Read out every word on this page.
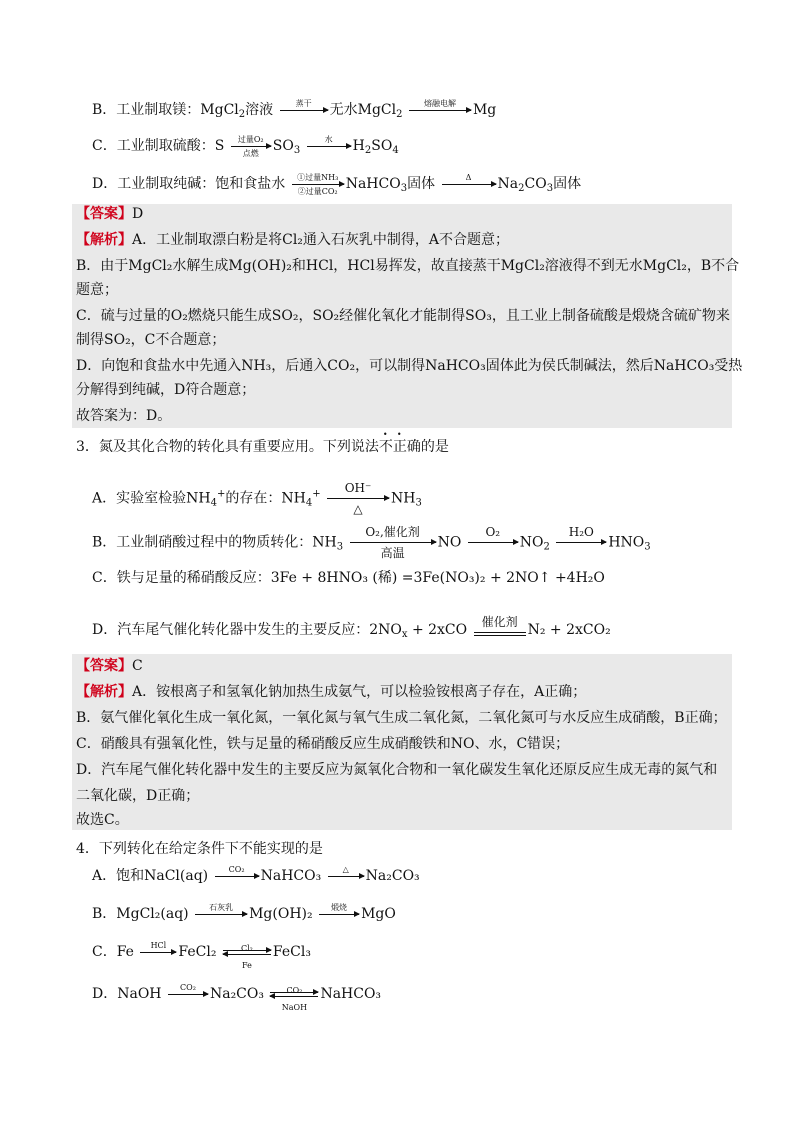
B．工业制取镁：MgCl$_2$溶液	蒸干	无水MgCl$_2$
熔融电解	Mg
C．工业制取硫酸：S	过量O₂
点燃	$SO_3$
水	$H_2SO_4$
D．工业制取纯碱：饱和食盐水	①过量NH₃
②过量CO₂ NaHCO$_3$固体	Δ	$Na_2CO_3$固体
【答案】D
【解析】A．工业制取漂白粉是将Cl₂通入石灰乳中制得，A不合题意；
B．由于MgCl₂水解生成Mg(OH)₂和HCl，HCl易挥发，故直接蒸干MgCl₂溶液得不到无水MgCl₂，B不合
题意；
C．硫与过量的O₂燃烧只能生成SO₂，SO₂经催化氧化才能制得SO₃，且工业上制备硫酸是煅烧含硫矿物来
制得SO₂，C不合题意；
D．向饱和食盐水中先通入NH₃，后通入CO₂，可以制得NaHCO₃固体此为侯氏制碱法，然后NaHCO₃受热
分解得到纯碱，D符合题意；
故答案为：D。
3．氮及其化合物的转化具有重要应用。下列说法不正确的是
A．实验室检验$NH_4^+$的存在：$NH_4^+$	OH⁻
△
$NH_3$
B．工业制硝酸过程中的物质转化：$NH_3$
O₂,催化剂
高温
NO
O₂

$NO_2$
H₂O

$HNO_3$
C．铁与足量的稀硝酸反应：3Fe + 8HNO₃ (稀) =3Fe(NO₃)₂ + 2NO↑ +4H₂O
D．汽车尾气催化转化器中发生的主要反应：$2NO_x + 2xCO$	催化剂 N₂ + 2xCO₂
【答案】C
【解析】A．铵根离子和氢氧化钠加热生成氨气，可以检验铵根离子存在，A正确；
B．氨气催化氧化生成一氧化氮，一氧化氮与氧气生成二氧化氮，二氧化氮可与水反应生成硝酸，B正确；
C．硝酸具有强氧化性，铁与足量的稀硝酸反应生成硝酸铁和NO、水，C错误；
D．汽车尾气催化转化器中发生的主要反应为氮氧化合物和一氧化碳发生氧化还原反应生成无毒的氮气和
二氧化碳，D正确；
故选C。
4．下列转化在给定条件下不能实现的是
A．饱和NaCl(aq)	CO₂	NaHCO₃	△	Na₂CO₃
B．MgCl₂(aq)	石灰乳	Mg(OH)₂	煅烧	MgO
C．Fe	HCl FeCl₂ $\frac{\text{Cl₂}}{Fe}$ FeCl₃
D．NaOH	CO₂	Na₂CO₃	CO₂
NaOH
NaHCO₃
